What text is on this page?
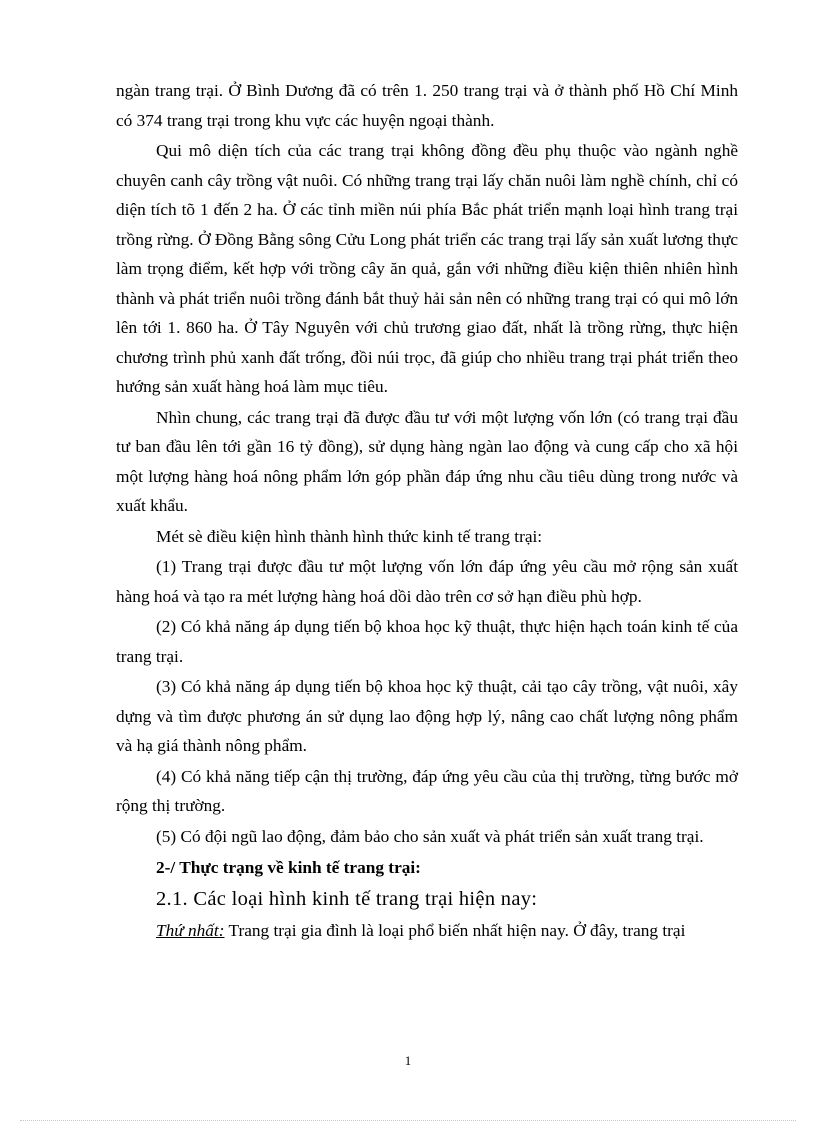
ngàn trang trại. Ở Bình Dương đã có trên 1. 250 trang trại và ở thành phố Hồ Chí Minh có 374 trang trại trong khu vực các huyện ngoại thành.

Qui mô diện tích của các trang trại không đồng đều phụ thuộc vào ngành nghề chuyên canh cây trồng vật nuôi. Có những trang trại lấy chăn nuôi làm nghề chính, chỉ có diện tích tõ 1 đến 2 ha. Ở các tỉnh miền núi phía Bắc phát triển mạnh loại hình trang trại trồng rừng. Ở Đồng Bằng sông Cửu Long phát triển các trang trại lấy sản xuất lương thực làm trọng điểm, kết hợp với trồng cây ăn quả, gắn với những điều kiện thiên nhiên hình thành và phát triển nuôi trồng đánh bắt thuỷ hải sản nên có những trang trại có qui mô lớn lên tới 1. 860 ha. Ở Tây Nguyên với chủ trương giao đất, nhất là trồng rừng, thực hiện chương trình phủ xanh đất trống, đồi núi trọc, đã giúp cho nhiều trang trại phát triển theo hướng sản xuất hàng hoá làm mục tiêu.

Nhìn chung, các trang trại đã được đầu tư với một lượng vốn lớn (có trang trại đầu tư ban đầu lên tới gần 16 tỷ đồng), sử dụng hàng ngàn lao động và cung cấp cho xã hội một lượng hàng hoá nông phẩm lớn góp phần đáp ứng nhu cầu tiêu dùng trong nước và xuất khẩu.

Mét sè điều kiện hình thành hình thức kinh tế trang trại:

(1) Trang trại được đầu tư một lượng vốn lớn đáp ứng yêu cầu mở rộng sản xuất hàng hoá và tạo ra mét lượng hàng hoá dồi dào trên cơ sở hạn điều phù hợp.

(2) Có khả năng áp dụng tiến bộ khoa học kỹ thuật, thực hiện hạch toán kinh tế của trang trại.

(3) Có khả năng áp dụng tiến bộ khoa học kỹ thuật, cải tạo cây trồng, vật nuôi, xây dựng và tìm được phương án sử dụng lao động hợp lý, nâng cao chất lượng nông phẩm và hạ giá thành nông phẩm.

(4) Có khả năng tiếp cận thị trường, đáp ứng yêu cầu của thị trường, từng bước mở rộng thị trường.

(5) Có đội ngũ lao động, đảm bảo cho sản xuất và phát triển sản xuất trang trại.

2-/ Thực trạng về kinh tế trang trại:

2.1. Các loại hình kinh tế trang trại hiện nay:

Thứ nhất: Trang trại gia đình là loại phổ biến nhất hiện nay. Ở đây, trang trại

1
